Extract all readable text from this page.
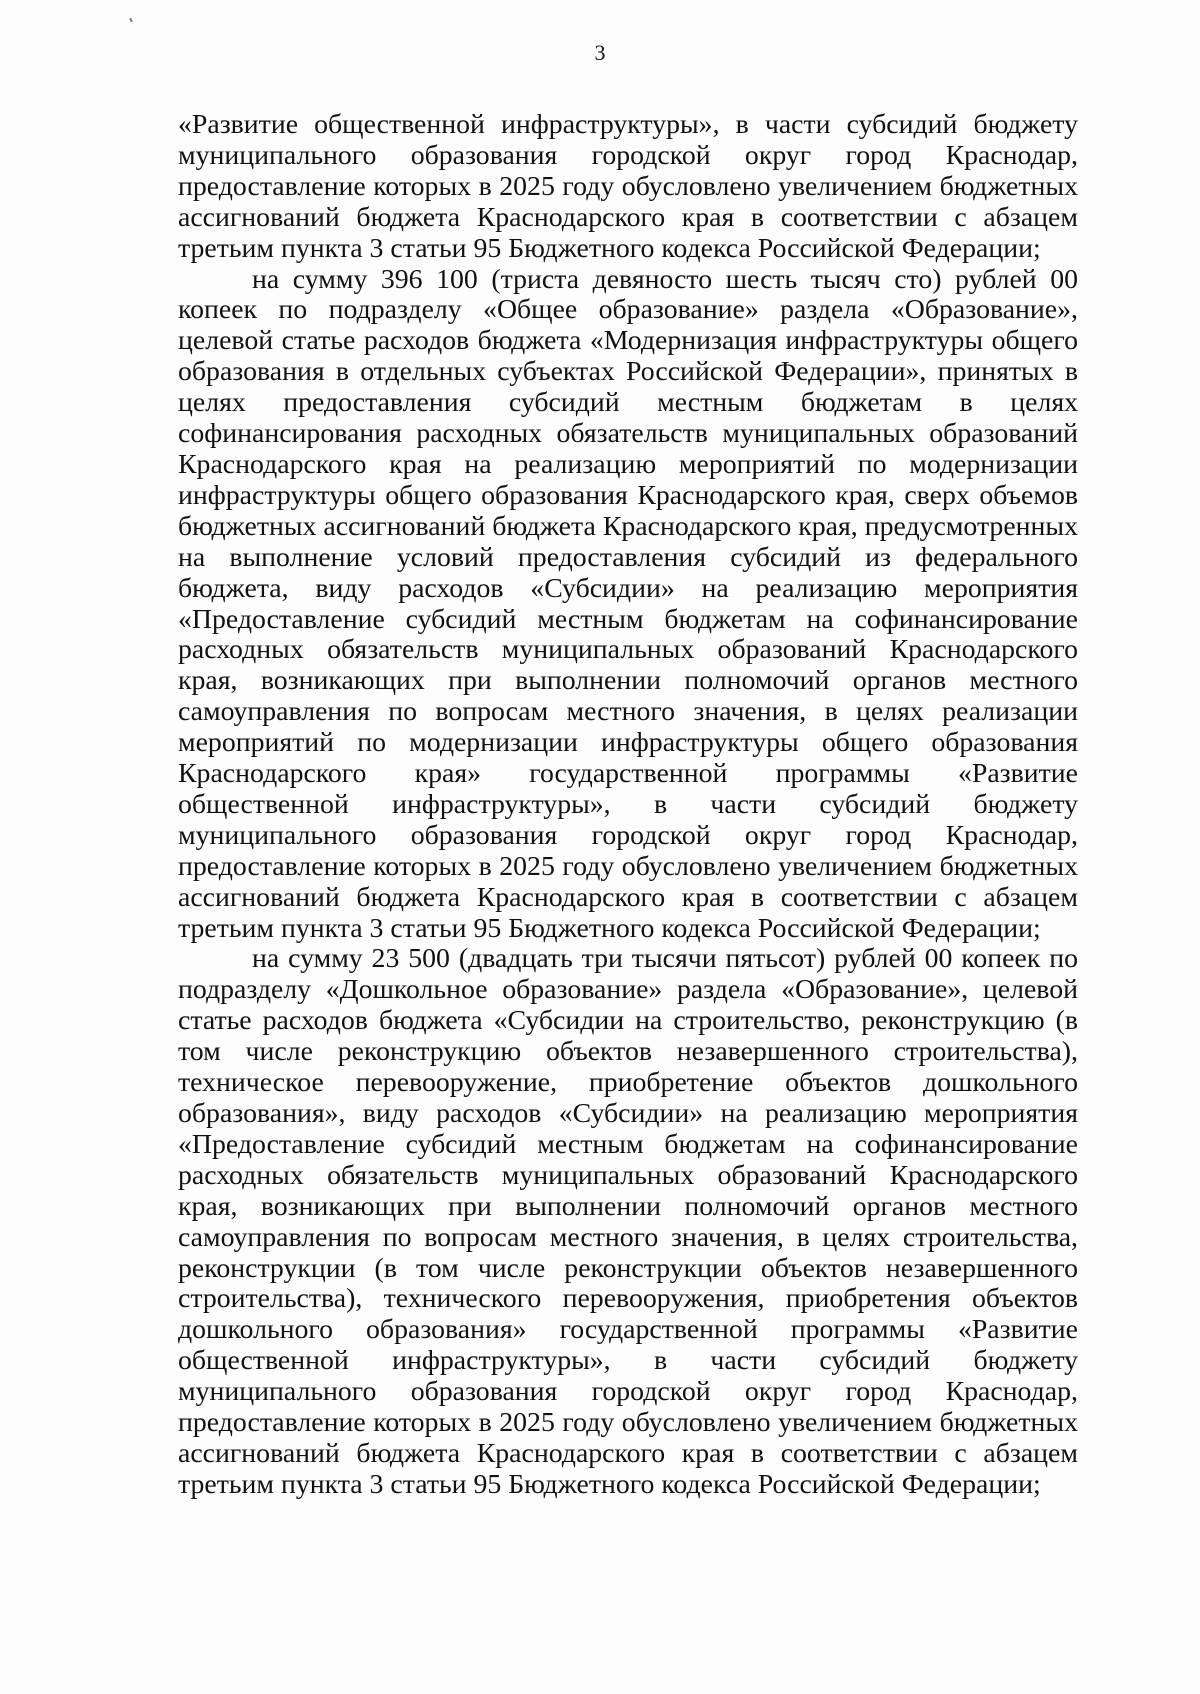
3

«Развитие общественной инфраструктуры», в части субсидий бюджету муниципального образования городской округ город Краснодар, предоставление которых в 2025 году обусловлено увеличением бюджетных ассигнований бюджета Краснодарского края в соответствии с абзацем третьим пункта 3 статьи 95 Бюджетного кодекса Российской Федерации;

на сумму 396 100 (триста девяносто шесть тысяч сто) рублей 00 копеек по подразделу «Общее образование» раздела «Образование», целевой статье расходов бюджета «Модернизация инфраструктуры общего образования в отдельных субъектах Российской Федерации», принятых в целях предоставления субсидий местным бюджетам в целях софинансирования расходных обязательств муниципальных образований Краснодарского края на реализацию мероприятий по модернизации инфраструктуры общего образования Краснодарского края, сверх объемов бюджетных ассигнований бюджета Краснодарского края, предусмотренных на выполнение условий предоставления субсидий из федерального бюджета, виду расходов «Субсидии» на реализацию мероприятия «Предоставление субсидий местным бюджетам на софинансирование расходных обязательств муниципальных образований Краснодарского края, возникающих при выполнении полномочий органов местного самоуправления по вопросам местного значения, в целях реализации мероприятий по модернизации инфраструктуры общего образования Краснодарского края» государственной программы «Развитие общественной инфраструктуры», в части субсидий бюджету муниципального образования городской округ город Краснодар, предоставление которых в 2025 году обусловлено увеличением бюджетных ассигнований бюджета Краснодарского края в соответствии с абзацем третьим пункта 3 статьи 95 Бюджетного кодекса Российской Федерации;

на сумму 23 500 (двадцать три тысячи пятьсот) рублей 00 копеек по подразделу «Дошкольное образование» раздела «Образование», целевой статье расходов бюджета «Субсидии на строительство, реконструкцию (в том числе реконструкцию объектов незавершенного строительства), техническое перевооружение, приобретение объектов дошкольного образования», виду расходов «Субсидии» на реализацию мероприятия «Предоставление субсидий местным бюджетам на софинансирование расходных обязательств муниципальных образований Краснодарского края, возникающих при выполнении полномочий органов местного самоуправления по вопросам местного значения, в целях строительства, реконструкции (в том числе реконструкции объектов незавершенного строительства), технического перевооружения, приобретения объектов дошкольного образования» государственной программы «Развитие общественной инфраструктуры», в части субсидий бюджету муниципального образования городской округ город Краснодар, предоставление которых в 2025 году обусловлено увеличением бюджетных ассигнований бюджета Краснодарского края в соответствии с абзацем третьим пункта 3 статьи 95 Бюджетного кодекса Российской Федерации;
